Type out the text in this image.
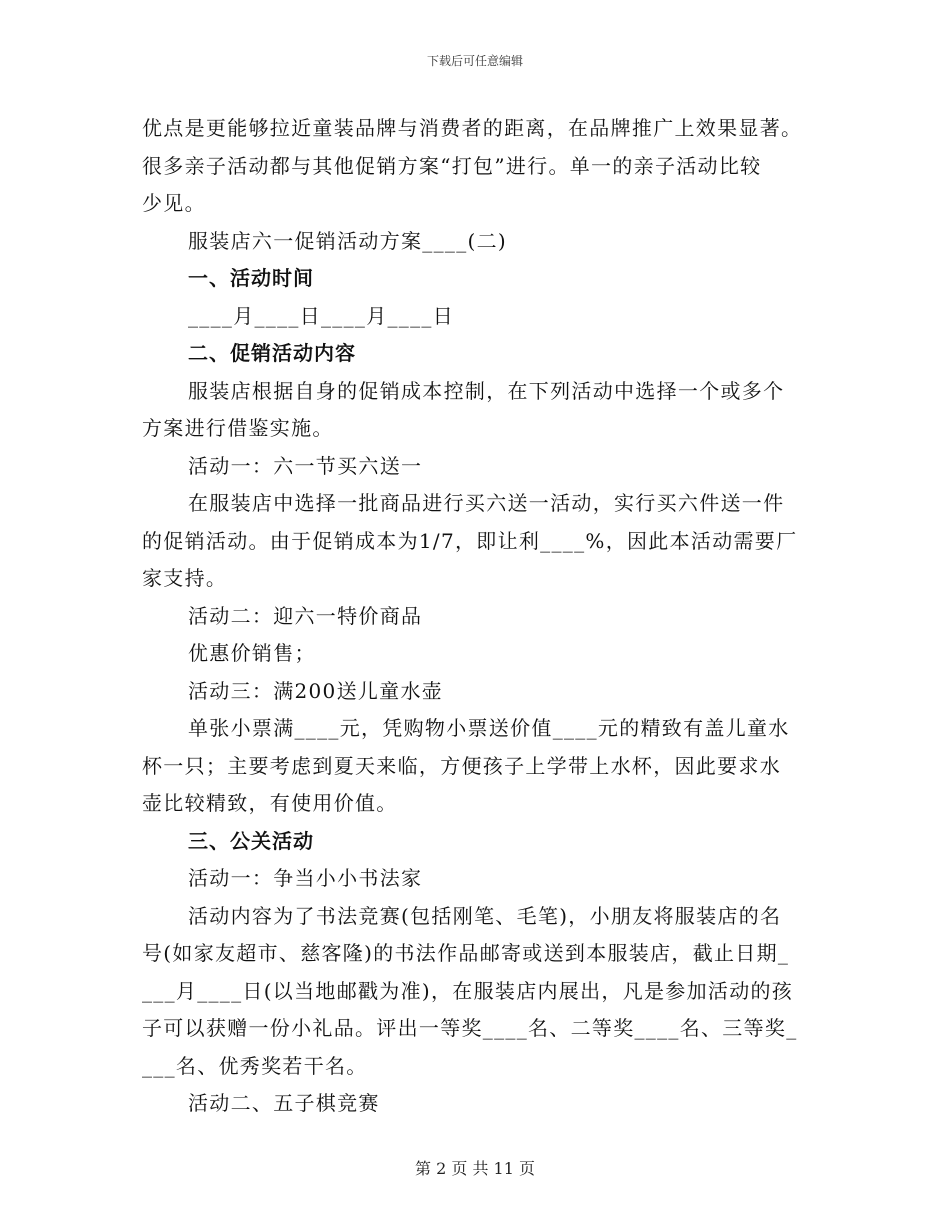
下载后可任意编辑
优点是更能够拉近童装品牌与消费者的距离，在品牌推广上效果显著。
很多亲子活动都与其他促销方案“打包”进行。单一的亲子活动比较
少见。
服装店六一促销活动方案____(二)
一、活动时间
____月____日____月____日
二、促销活动内容
服装店根据自身的促销成本控制，在下列活动中选择一个或多个
方案进行借鉴实施。
活动一：六一节买六送一
在服装店中选择一批商品进行买六送一活动，实行买六件送一件
的促销活动。由于促销成本为1/7，即让利____%，因此本活动需要厂
家支持。
活动二：迎六一特价商品
优惠价销售；
活动三：满200送儿童水壶
单张小票满____元，凭购物小票送价值____元的精致有盖儿童水
杯一只；主要考虑到夏天来临，方便孩子上学带上水杯，因此要求水
壶比较精致，有使用价值。
三、公关活动
活动一：争当小小书法家
活动内容为了书法竞赛(包括刚笔、毛笔)，小朋友将服装店的名
号(如家友超市、慈客隆)的书法作品邮寄或送到本服装店，截止日期_
___月____日(以当地邮戳为准)，在服装店内展出，凡是参加活动的孩
子可以获赠一份小礼品。评出一等奖____名、二等奖____名、三等奖_
___名、优秀奖若干名。
活动二、五子棋竞赛
第 2 页 共 11 页
